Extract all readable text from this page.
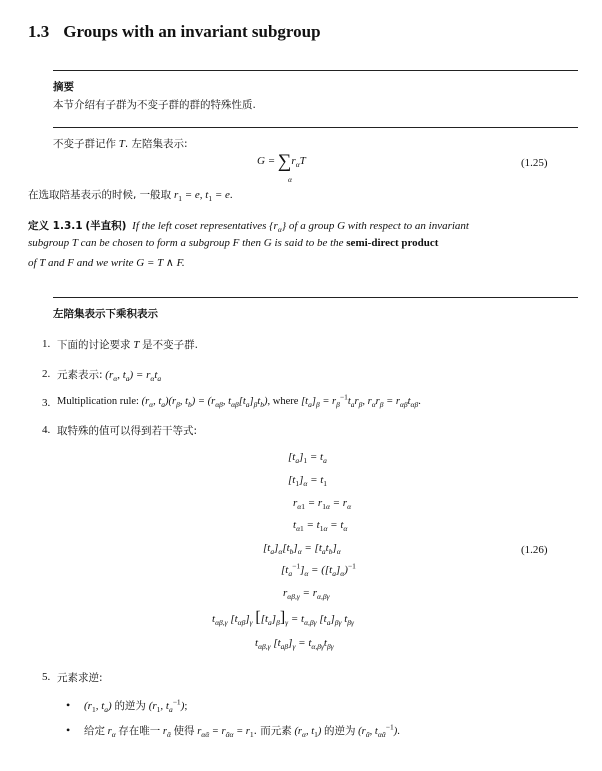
1.3 Groups with an invariant subgroup
摘要
本节介绍有子群为不变子群的群的特殊性质.
不变子群记作 T. 左陪集表示:
$G = \sum r_\alpha T$
α
(1.25)
在选取陪基表示的时候, 一般取 $r_1 = e$, $t_1 = e$.
定义 1.3.1 (半直积) If the left coset representatives $\{r_\alpha\}$ of a group G with respect to an invariant
subgroup T can be chosen to form a subgroup F then G is said to be the semi-direct product
of T and F and we write G = T ∧ F.
左陪集表示下乘积表示
1. 下面的讨论要求 T 是不变子群.
2. 元素表示: ($r_\alpha$, $t_a) = r_\alpha t_a$
3. Multiplication rule: ($r_\alpha$, $t_a)(r_\beta$, $t_b) = (r_{\alpha\beta}$, $t_{\alpha\beta}[t_a]_\beta t_b$), where $[t_a]_\beta = r_\beta^{-1}t_ar_\beta$, $r_\alpha r_\beta = r_{\alpha\beta}t_{\alpha\beta}$.
4. 取特殊的值可以得到若干等式:
$[t_a]_1 = t_a$
$[t_1]_\alpha = t_1$
$r_{\alpha 1} = r_{1\alpha} = r_\alpha$
$t_{\alpha 1} = t_{1\alpha} = t_\alpha$
$[t_a]_\alpha[t_b]_\alpha = [t_at_b]_\alpha$	(1.26)
$[t_a^{-1}]_\alpha = ([t_a]_\alpha)^{-1}$
$r_{\alpha\beta,\gamma} = r_{\alpha,\beta\gamma}$
$t_{\alpha\beta,\gamma}$ $[t_{\alpha\beta}]_\gamma$ $[[t_a]_\beta]_\gamma = t_{\alpha,\beta\gamma}$ $[t_a]_{\beta\gamma}$ $t_{\beta\gamma}$
$t_{\alpha\beta,\gamma}$ $[t_{a\beta}]_\gamma = t_{\alpha,\beta\gamma}t_{\beta\gamma}$
5. 元素求逆:
• ($r_1$, $t_a$) 的逆为 ($r_1$, $t_a^{-1}$);
• 给定 $r_\alpha$ 存在唯一 $r_ᾱ$ 使得 $r_{\alpha ᾱ} = r_{ᾱ\alpha} = r_1$. 而元素 ($r_\alpha$, $t_1$) 的逆为 ($r_ᾱ$, $t_{\alpha ᾱ}^{-1}$).
